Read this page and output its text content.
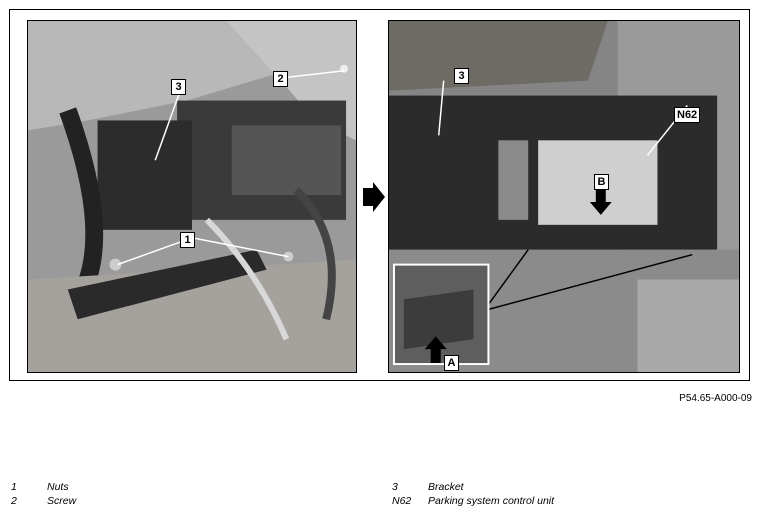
3
2
1
3
N62
B
A
P54.65-A000-09
1	Nuts
2	Screw
3	Bracket
N62	Parking system control unit
